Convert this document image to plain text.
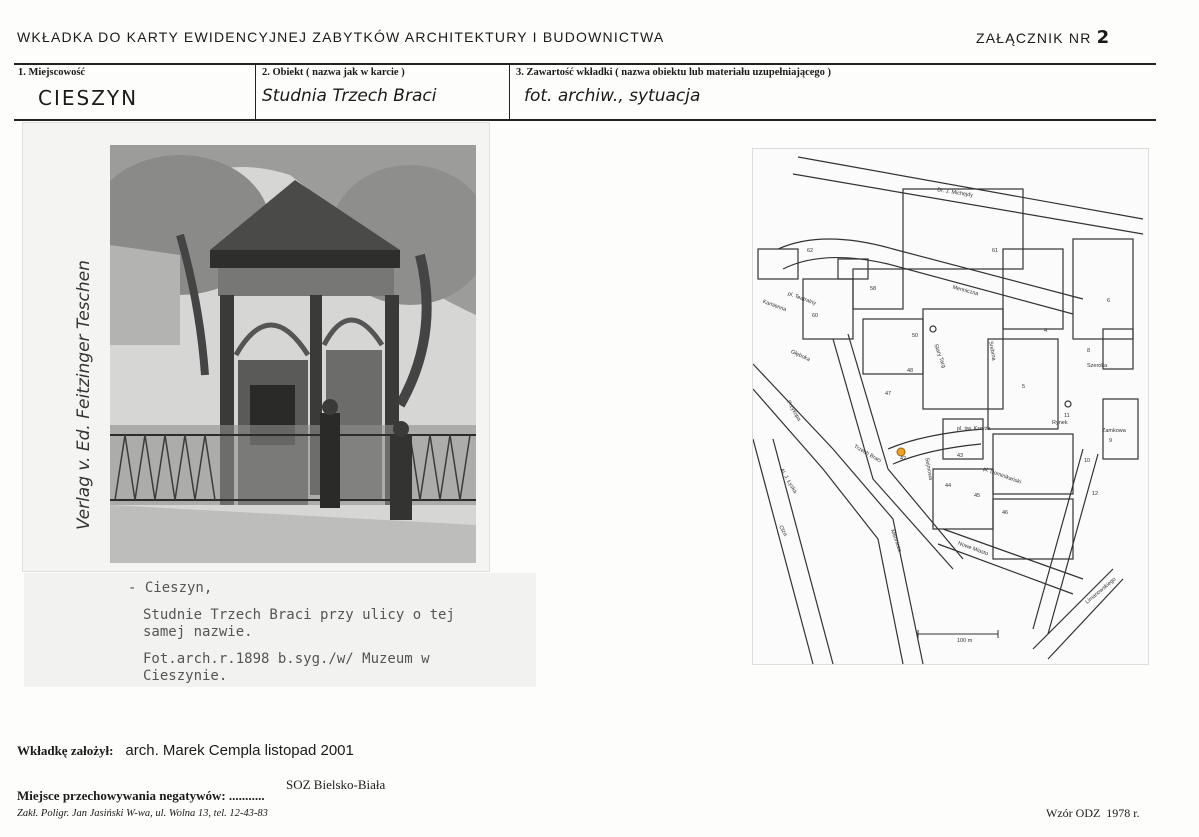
WKŁADKA DO KARTY EWIDENCYJNEJ ZABYTKÓW ARCHITEKTURY I BUDOWNICTWA	ZAŁĄCZNIK NR 2
1. Miejscowość
CIESZYN
2. Obiekt ( nazwa jak w karcie )
Studnia Trzech Braci
3. Zawartość wkładki ( nazwa obiektu lub materiału uzupełniającego )
fot. archiw., sytuacja
Verlag v. Ed. Feitzinger Teschen
- Cieszyn,
Studnie Trzech Braci przy ulicy o tej
samej nazwie.
Fot.arch.r.1898 b.syg./w/ Muzeum w
Cieszynie.
Dr. J. Michejdy
Trzech Braci
Rynek
Głęboka	Stary Targ
pl. Teatralny
pl. Dominikański
Nowe Miasto
Menniczna
Sejmowa
Srebrna
Mennicza
Przykopa
Al. J. Łyska
Olza
Zamkowa
Szeroka
Limanowskiego
pl. św. Krzyża
Kamienna
50
58
60
61
62
4
5
6
8
9
10
11
12
42	43
44
45
46
47
48
100 m
Wkładkę założył: arch. Marek Cempla listopad 2001
SOZ Bielsko-Biała
Miejsce przechowywania negatywów: ...........
Zakł. Poligr. Jan Jasiński W-wa, ul. Wolna 13, tel. 12-43-83	Wzór ODZ  1978 r.
